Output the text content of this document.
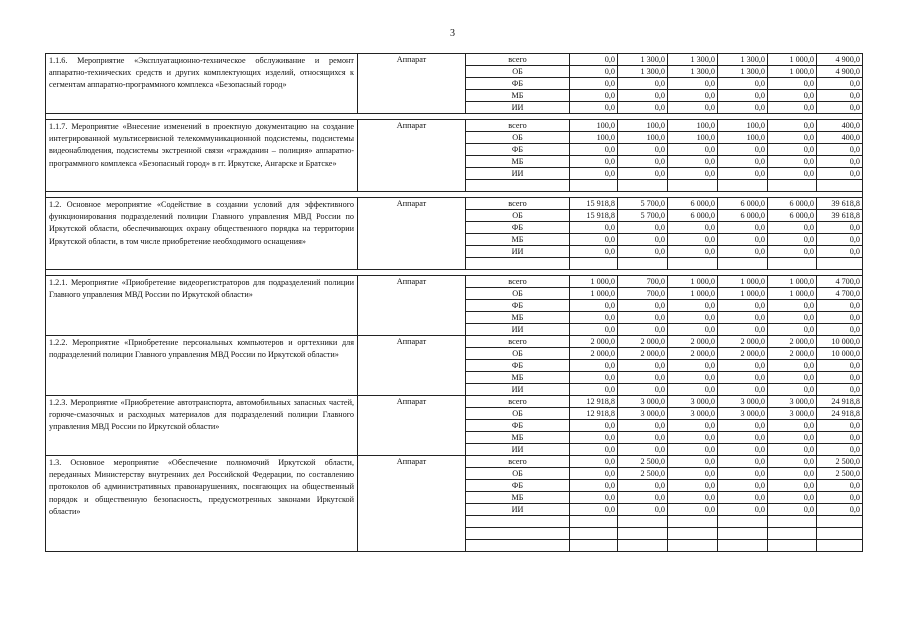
3
1.1.6. Мероприятие «Эксплуатационно-техническое обслуживание и ремонт аппаратно-технических средств и других комплектующих изделий, относящихся к сегментам аппаратно-программного комплекса «Безопасный город»	Аппарат	всего	0,0	1 300,0	1 300,0	1 300,0	1 000,0	4 900,0
		ОБ	0,0	1 300,0	1 300,0	1 300,0	1 000,0	4 900,0
		ФБ	0,0	0,0	0,0	0,0	0,0	0,0
		МБ	0,0	0,0	0,0	0,0	0,0	0,0
		ИИ	0,0	0,0	0,0	0,0	0,0	0,0

1.1.7. Мероприятие «Внесение изменений в проектную документацию на создание интегрированной мультисервисной телекоммуникационной подсистемы, подсистемы видеонаблюдения, подсистемы экстренной связи «гражданин – полиция» аппаратно-программного комплекса «Безопасный город» в гг. Иркутске, Ангарске и Братске»	Аппарат	всего	100,0	100,0	100,0	100,0	0,0	400,0
		ОБ	100,0	100,0	100,0	100,0	0,0	400,0
		ФБ	0,0	0,0	0,0	0,0	0,0	0,0
		МБ	0,0	0,0	0,0	0,0	0,0	0,0
		ИИ	0,0	0,0	0,0	0,0	0,0	0,0

1.2. Основное мероприятие «Содействие в создании условий для эффективного функционирования подразделений полиции Главного управления МВД России по Иркутской области, обеспечивающих охрану общественного порядка на территории Иркутской области, в том числе приобретение необходимого оснащения»	Аппарат	всего	15 918,8	5 700,0	6 000,0	6 000,0	6 000,0	39 618,8
		ОБ	15 918,8	5 700,0	6 000,0	6 000,0	6 000,0	39 618,8
		ФБ	0,0	0,0	0,0	0,0	0,0	0,0
		МБ	0,0	0,0	0,0	0,0	0,0	0,0
		ИИ	0,0	0,0	0,0	0,0	0,0	0,0

1.2.1. Мероприятие «Приобретение видеорегистраторов для подразделений полиции Главного управления МВД России по Иркутской области»	Аппарат	всего	1 000,0	700,0	1 000,0	1 000,0	1 000,0	4 700,0
		ОБ	1 000,0	700,0	1 000,0	1 000,0	1 000,0	4 700,0
		ФБ	0,0	0,0	0,0	0,0	0,0	0,0
		МБ	0,0	0,0	0,0	0,0	0,0	0,0
		ИИ	0,0	0,0	0,0	0,0	0,0	0,0
1.2.2. Мероприятие «Приобретение персональных компьютеров и оргтехники для подразделений полиции Главного управления МВД России по Иркутской области»	Аппарат	всего	2 000,0	2 000,0	2 000,0	2 000,0	2 000,0	10 000,0
		ОБ	2 000,0	2 000,0	2 000,0	2 000,0	2 000,0	10 000,0
		ФБ	0,0	0,0	0,0	0,0	0,0	0,0
		МБ	0,0	0,0	0,0	0,0	0,0	0,0
		ИИ	0,0	0,0	0,0	0,0	0,0	0,0
1.2.3. Мероприятие «Приобретение автотранспорта, автомобильных запасных частей, горюче-смазочных и расходных материалов для подразделений полиции Главного управления МВД России по Иркутской области»	Аппарат	всего	12 918,8	3 000,0	3 000,0	3 000,0	3 000,0	24 918,8
		ОБ	12 918,8	3 000,0	3 000,0	3 000,0	3 000,0	24 918,8
		ФБ	0,0	0,0	0,0	0,0	0,0	0,0
		МБ	0,0	0,0	0,0	0,0	0,0	0,0
		ИИ	0,0	0,0	0,0	0,0	0,0	0,0
1.3. Основное мероприятие «Обеспечение полномочий Иркутской области, переданных Министерству внутренних дел Российской Федерации, по составлению протоколов об административных правонарушениях, посягающих на общественный порядок и общественную безопасность, предусмотренных законами Иркутской области»	Аппарат	всего	0,0	2 500,0	0,0	0,0	0,0	2 500,0
		ОБ	0,0	2 500,0	0,0	0,0	0,0	2 500,0
		ФБ	0,0	0,0	0,0	0,0	0,0	0,0
		МБ	0,0	0,0	0,0	0,0	0,0	0,0
		ИИ	0,0	0,0	0,0	0,0	0,0	0,0
